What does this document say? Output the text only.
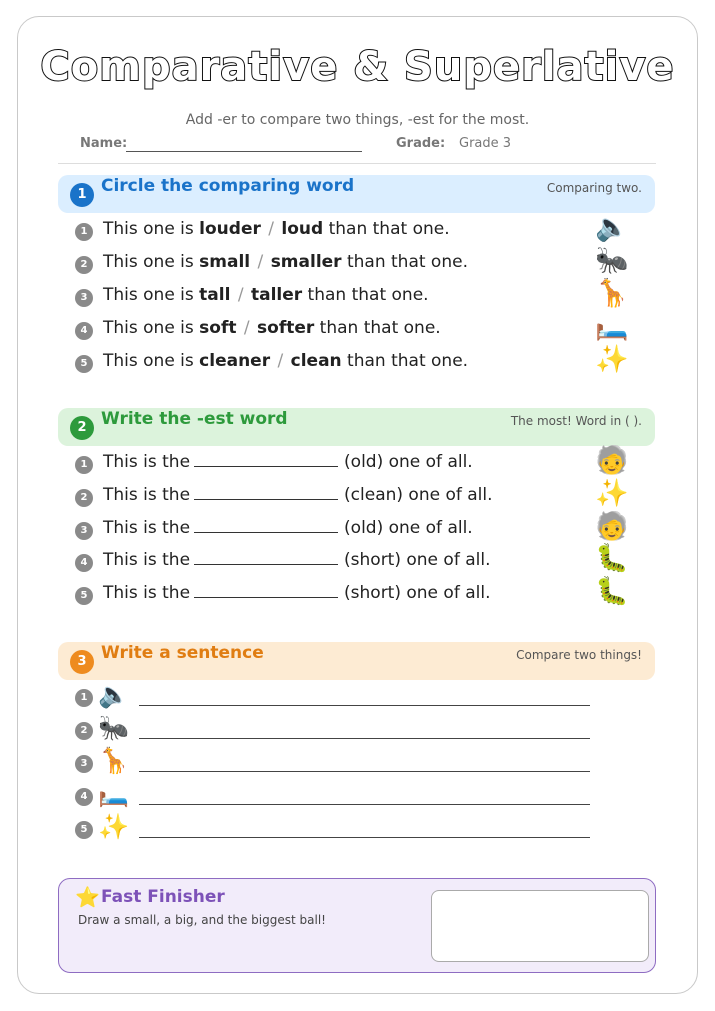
Comparative & Superlative
Add -er to compare two things, -est for the most.
Name:	Grade: Grade 3
1 Circle the comparing word	Comparing two.
1 This one is louder / loud than that one.	🔈
2 This one is small / smaller than that one.	🐜
3 This one is tall / taller than that one.	🦒
4 This one is soft / softer than that one.	🛏️
5 This one is cleaner / clean than that one.	✨
2 Write the -est word	The most! Word in ( ).
1 This is the	(old) one of all.	🧓
2 This is the	(clean) one of all.	✨
3 This is the	(old) one of all.	🧓
4 This is the	(short) one of all.	🐛
5 This is the	(short) one of all.	🐛
3 Write a sentence	Compare two things!
1 🔈
2 🐜
3 🦒
4 🛏️
5 ✨
⭐ Fast Finisher
Draw a small, a big, and the biggest ball!
